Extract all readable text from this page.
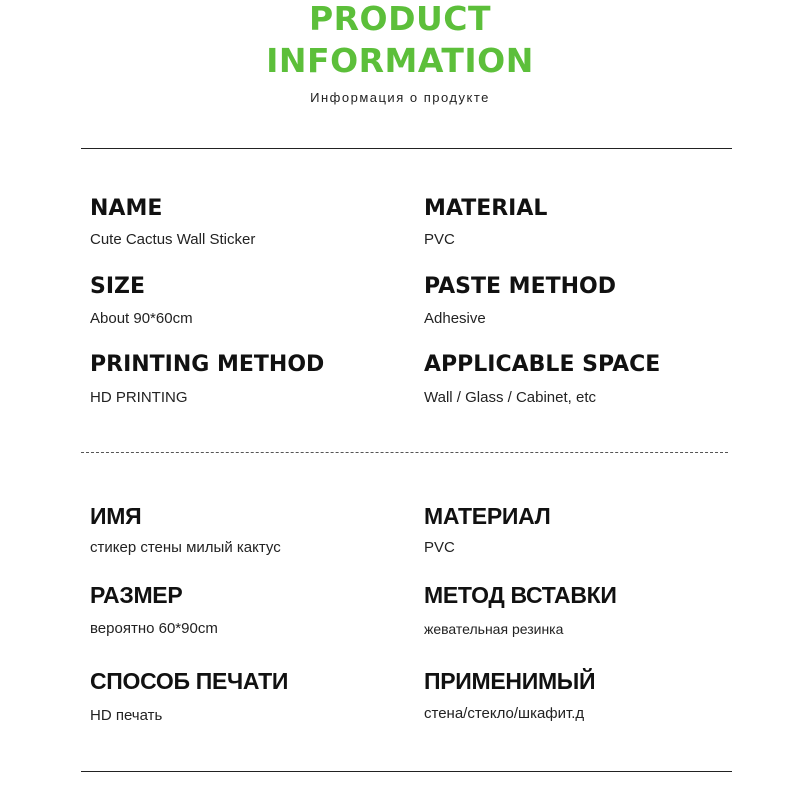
PRODUCT
INFORMATION
Информация о продукте
NAME
Cute Cactus Wall Sticker
MATERIAL
PVC
SIZE
About 90*60cm
PASTE METHOD
Adhesive
PRINTING METHOD
HD PRINTING
APPLICABLE SPACE
Wall / Glass / Cabinet, etc
ИМЯ
стикер стены милый кактус
МАТЕРИАЛ
PVC
РАЗМЕР
вероятно 60*90cm
МЕТОД ВСТАВКИ
жевательная резинка
СПОСОБ ПЕЧАТИ
HD печать
ПРИМЕНИМЫЙ
стена/стекло/шкафит.д
